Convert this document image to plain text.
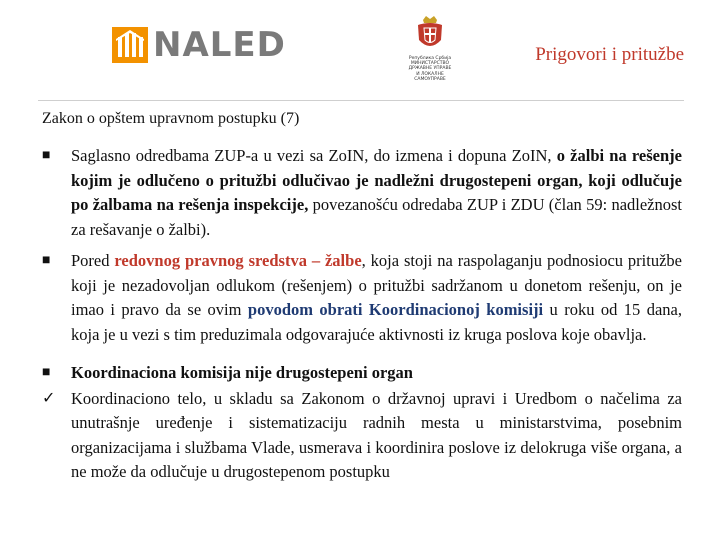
NALED	Република Србија
МИНИСТАРСТВО
ДРЖАВНЕ УПРАВЕ
И ЛОКАЛНЕ
САМОУПРАВЕ
Prigovori i pritužbe
Zakon o opštem upravnom postupku (7)
■ Saglasno odredbama ZUP-a u vezi sa ZoIN, do izmena i dopuna ZoIN, o žalbi na rešenje kojim je odlučeno o pritužbi odlučivao je nadležni drugostepeni organ, koji odlučuje po žalbama na rešenja inspekcije, povezanošću odredaba ZUP i ZDU (član 59: nadležnost za rešavanje o žalbi).
■ Pored redovnog pravnog sredstva – žalbe, koja stoji na raspolaganju podnosiocu pritužbe koji je nezadovoljan odlukom (rešenjem) o pritužbi sadržanom u donetom rešenju, on je imao i pravo da se ovim povodom obrati Koordinacionoj komisiji u roku od 15 dana, koja je u vezi s tim preduzimala odgovarajuće aktivnosti iz kruga poslova koje obavlja.
■ Koordinaciona komisija nije drugostepeni organ
✓ Koordinaciono telo, u skladu sa Zakonom o državnoj upravi i Uredbom o načelima za unutrašnje uređenje i sistematizaciju radnih mesta u ministarstvima, posebnim organizacijama i službama Vlade, usmerava i koordinira poslove iz delokruga više organa, a ne može da odlučuje u drugostepenom postupku
